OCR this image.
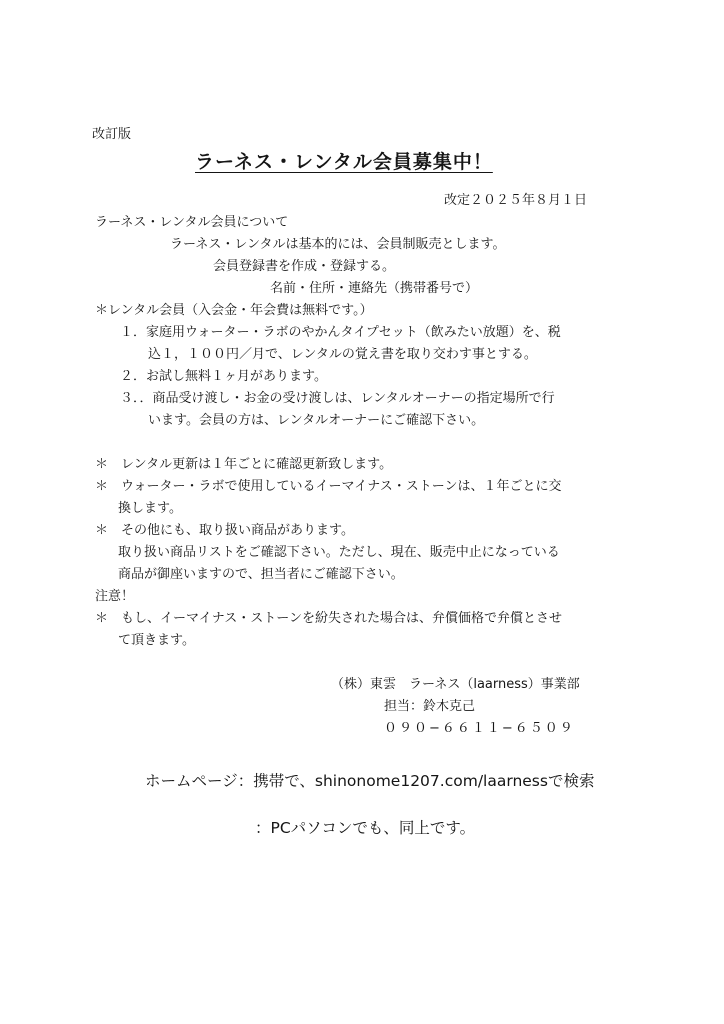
改訂版
ラーネス・レンタル会員募集中！
改定２０２５年８月１日
ラーネス・レンタル会員について
ラーネス・レンタルは基本的には、会員制販売とします。
会員登録書を作成・登録する。
名前・住所・連絡先（携帯番号で）
＊レンタル会員（入会金・年会費は無料です。）
１．家庭用ウォーター・ラボのやかんタイプセット（飲みたい放題）を、税
込１，１００円／月で、レンタルの覚え書を取り交わす事とする。
２．お試し無料１ヶ月があります。
３．．商品受け渡し・お金の受け渡しは、レンタルオーナーの指定場所で行
います。会員の方は、レンタルオーナーにご確認下さい。
＊　レンタル更新は１年ごとに確認更新致します。
＊　ウォーター・ラボで使用しているイーマイナス・ストーンは、１年ごとに交
換します。
＊　その他にも、取り扱い商品があります。
取り扱い商品リストをご確認下さい。ただし、現在、販売中止になっている
商品が御座いますので、担当者にご確認下さい。
注意！
＊　もし、イーマイナス・ストーンを紛失された場合は、弁償価格で弁償とさせ
て頂きます。
（株）東雲　ラーネス（laarness）事業部
担当：鈴木克己
０９０−６６１１−６５０９
ホームページ：携帯で、shinonome1207.com/laarnessで検索
：PCパソコンでも、同上です。
